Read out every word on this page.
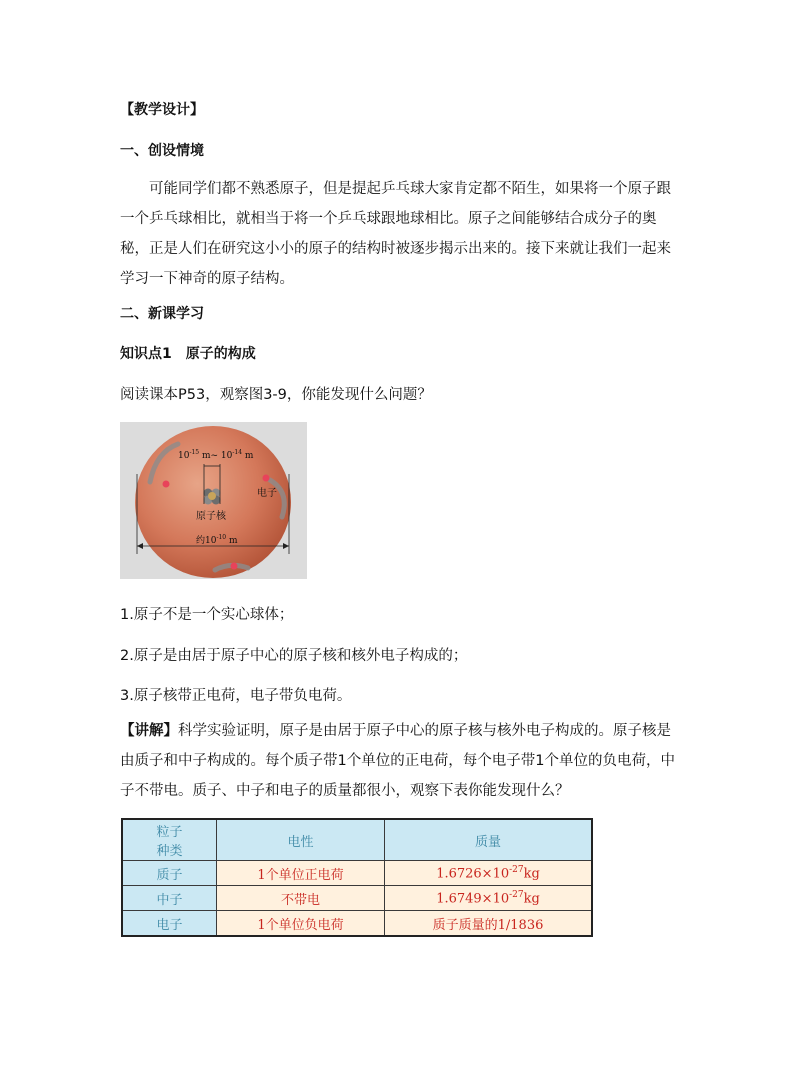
【教学设计】
一、创设情境
可能同学们都不熟悉原子，但是提起乒乓球大家肯定都不陌生，如果将一个原子跟一个乒乓球相比，就相当于将一个乒乓球跟地球相比。原子之间能够结合成分子的奥秘，正是人们在研究这小小的原子的结构时被逐步揭示出来的。接下来就让我们一起来学习一下神奇的原子结构。
二、新课学习
知识点1　原子的构成
阅读课本P53，观察图3-9，你能发现什么问题？
$10^{-15}$ m~ $10^{-14}$ m
电子
原子核
约$10^{-10}$ m
1.原子不是一个实心球体；
2.原子是由居于原子中心的原子核和核外电子构成的；
3.原子核带正电荷，电子带负电荷。
【讲解】科学实验证明，原子是由居于原子中心的原子核与核外电子构成的。原子核是由质子和中子构成的。每个质子带1个单位的正电荷，每个电子带1个单位的负电荷，中子不带电。质子、中子和电子的质量都很小，观察下表你能发现什么？
粒子
种类	电性	质量
质子	1个单位正电荷	$1.6726\times 10^{-27}kg$
中子	不带电	$1.6749\times 10^{-27}kg$
电子	1个单位负电荷	质子质量的1/1836
